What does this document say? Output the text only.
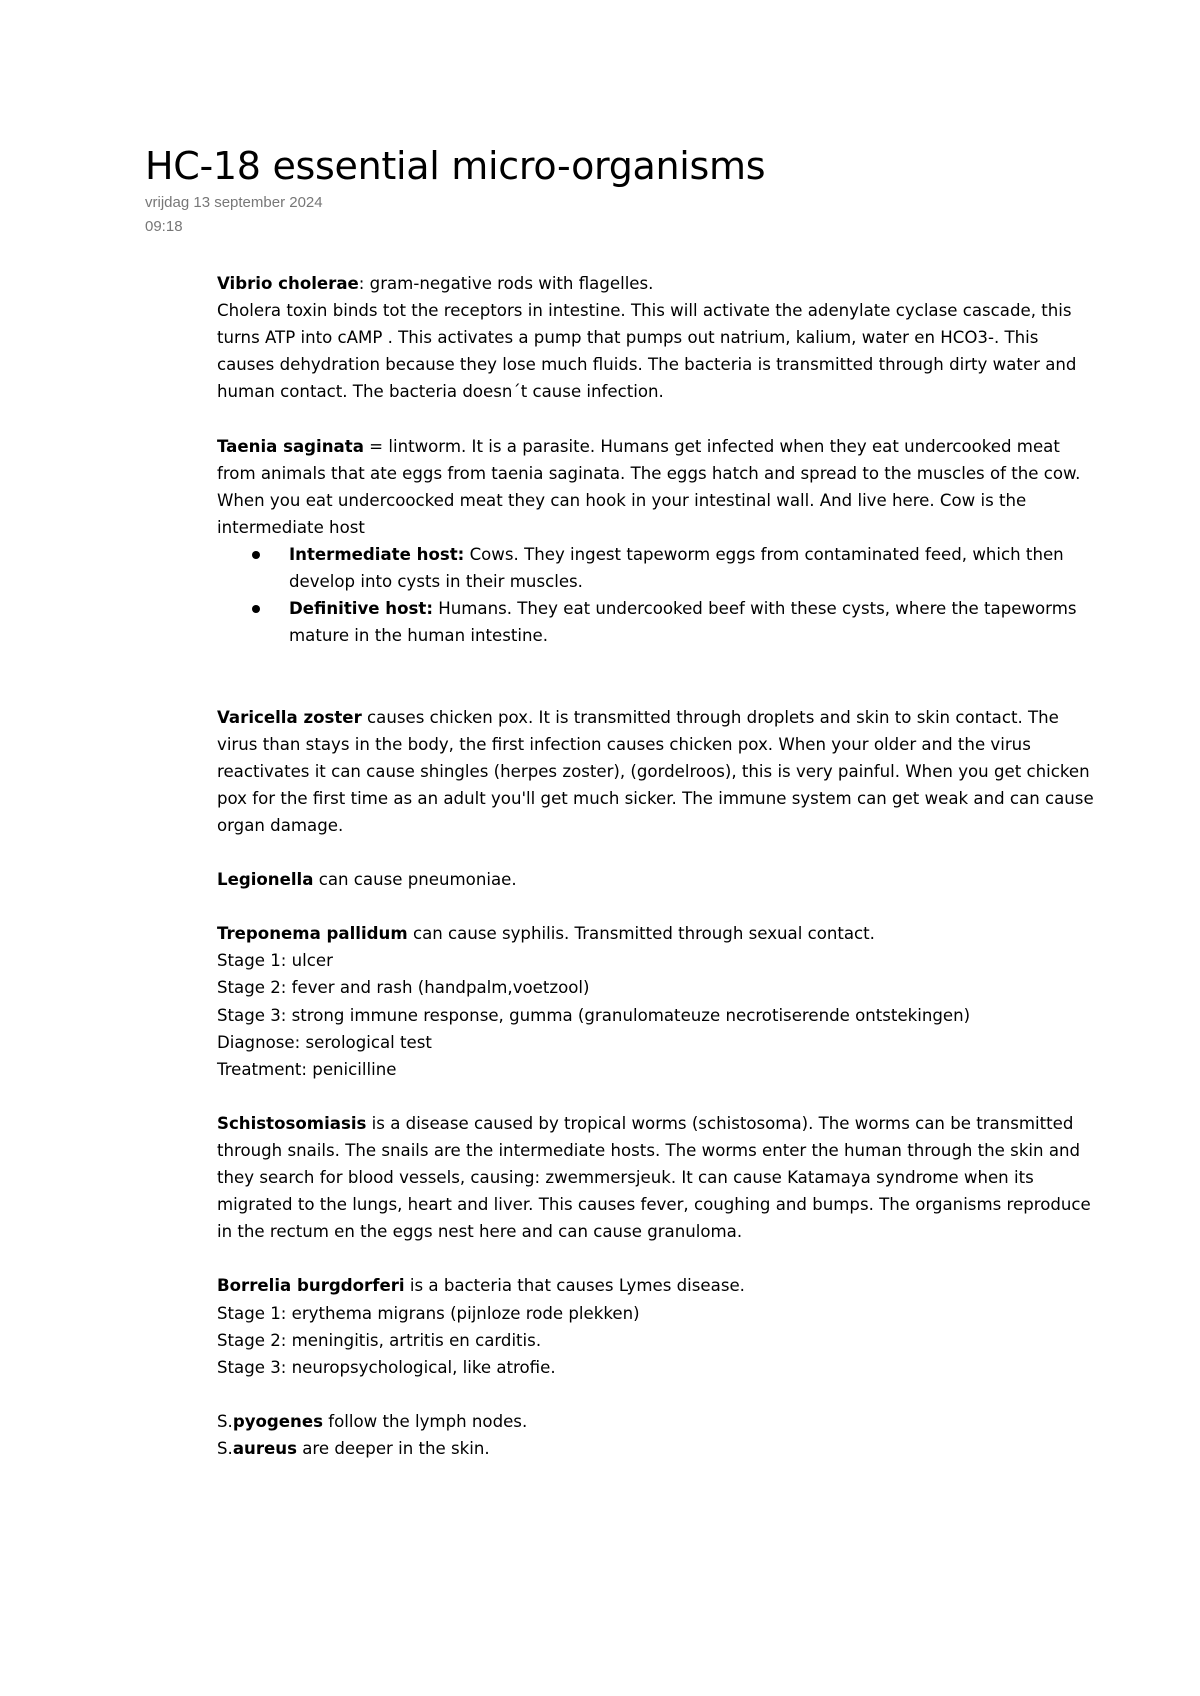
HC-18 essential micro-organisms
vrijdag 13 september 2024
09:18

Vibrio cholerae: gram-negative rods with flagelles.

Cholera toxin binds tot the receptors in intestine. This will activate the adenylate cyclase cascade, this turns ATP into cAMP . This activates a pump that pumps out natrium, kalium, water en HCO3-. This causes dehydration because they lose much fluids. The bacteria is transmitted through dirty water and human contact. The bacteria doesn´t cause infection.

Taenia saginata = lintworm. It is a parasite. Humans get infected when they eat undercooked meat from animals that ate eggs from taenia saginata. The eggs hatch and spread to the muscles of the cow. When you eat undercoocked meat they can hook in your intestinal wall. And live here. Cow is the intermediate host

Intermediate host: Cows. They ingest tapeworm eggs from contaminated feed, which then develop into cysts in their muscles.
Definitive host: Humans. They eat undercooked beef with these cysts, where the tapeworms mature in the human intestine.

Varicella zoster causes chicken pox. It is transmitted through droplets and skin to skin contact. The virus than stays in the body, the first infection causes chicken pox. When your older and the virus reactivates it can cause shingles (herpes zoster), (gordelroos), this is very painful. When you get chicken pox for the first time as an adult you'll get much sicker. The immune system can get weak and can cause organ damage.

Legionella can cause pneumoniae.

Treponema pallidum can cause syphilis. Transmitted through sexual contact.

Stage 1: ulcer

Stage 2: fever and rash (handpalm,voetzool)

Stage 3: strong immune response, gumma (granulomateuze necrotiserende ontstekingen)

Diagnose: serological test

Treatment: penicilline

Schistosomiasis is a disease caused by tropical worms (schistosoma). The worms can be transmitted through snails. The snails are the intermediate hosts. The worms enter the human through the skin and they search for blood vessels, causing: zwemmersjeuk. It can cause Katamaya syndrome when its migrated to the lungs, heart and liver. This causes fever, coughing and bumps. The organisms reproduce in the rectum en the eggs nest here and can cause granuloma.

Borrelia burgdorferi is a bacteria that causes Lymes disease.

Stage 1: erythema migrans (pijnloze rode plekken)

Stage 2: meningitis, artritis en carditis.

Stage 3: neuropsychological, like atrofie.

S.pyogenes follow the lymph nodes.

S.aureus are deeper in the skin.
